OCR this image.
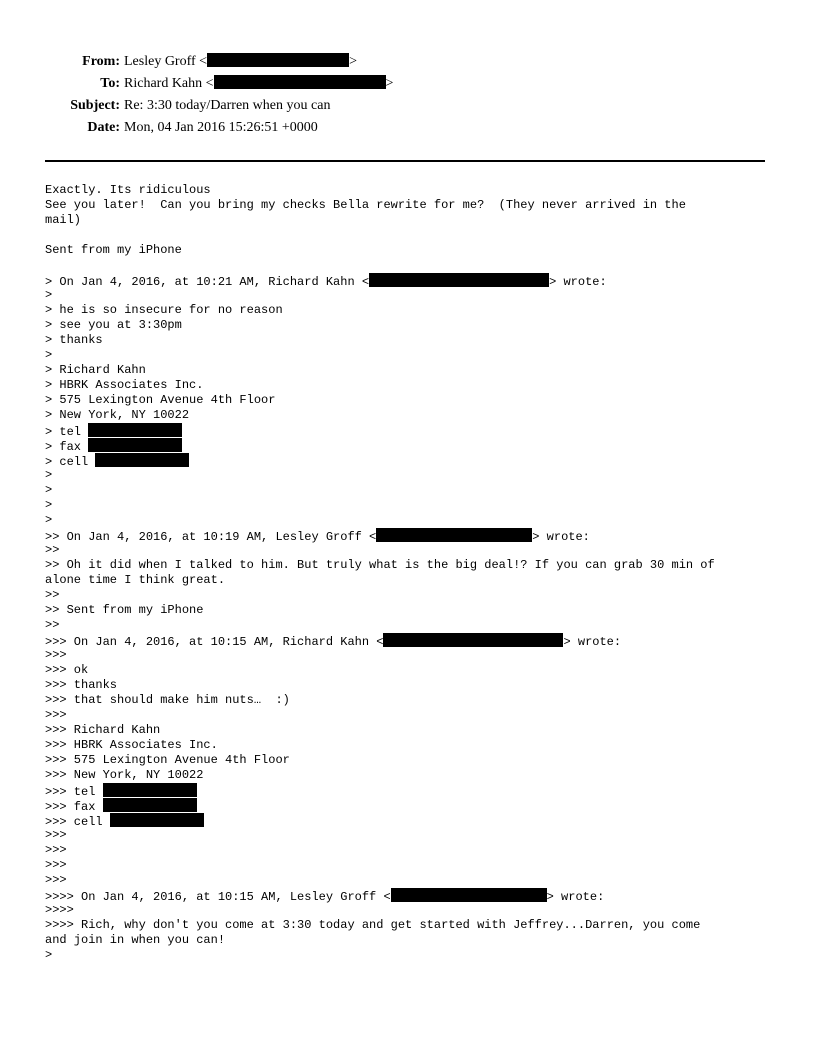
From: Lesley Groff <	>
To: Richard Kahn <	>
Subject: Re: 3:30 today/Darren when you can
Date: Mon, 04 Jan 2016 15:26:51 +0000
Exactly. Its ridiculous
See you later!  Can you bring my checks Bella rewrite for me?  (They never arrived in the
mail)
Sent from my iPhone
> On Jan 4, 2016, at 10:21 AM, Richard Kahn <	> wrote:
>
> he is so insecure for no reason
> see you at 3:30pm
> thanks
>
> Richard Kahn
> HBRK Associates Inc.
> 575 Lexington Avenue 4th Floor
> New York, NY 10022
> tel
> fax
> cell
>
>
>
>
>> On Jan 4, 2016, at 10:19 AM, Lesley Groff <	> wrote:
>>
>> Oh it did when I talked to him. But truly what is the big deal!? If you can grab 30 min of
alone time I think great.
>>
>> Sent from my iPhone
>>
>>> On Jan 4, 2016, at 10:15 AM, Richard Kahn <	> wrote:
>>>
>>> ok
>>> thanks
>>> that should make him nuts…  :)
>>>
>>> Richard Kahn
>>> HBRK Associates Inc.
>>> 575 Lexington Avenue 4th Floor
>>> New York, NY 10022
>>> tel
>>> fax
>>> cell
>>>
>>>
>>>
>>>
>>>> On Jan 4, 2016, at 10:15 AM, Lesley Groff <	> wrote:
>>>>
>>>> Rich, why don't you come at 3:30 today and get started with Jeffrey...Darren, you come
and join in when you can!
>
